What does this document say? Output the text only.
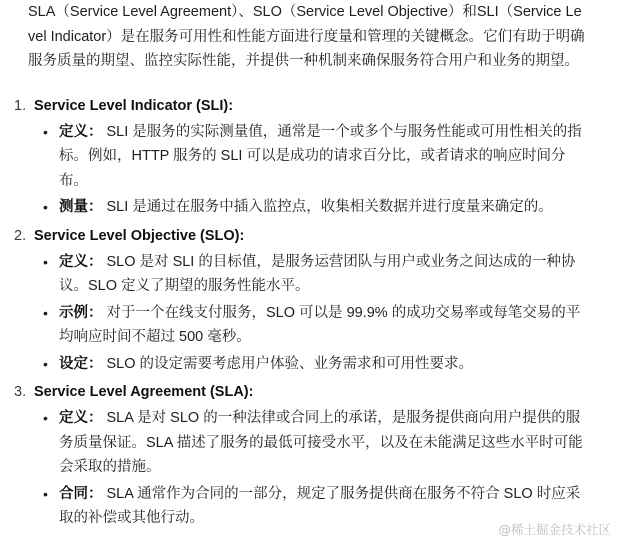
SLA（Service Level Agreement）、SLO（Service Level Objective）和SLI（Service Level Indicator）是在服务可用性和性能方面进行度量和管理的关键概念。它们有助于明确服务质量的期望、监控实际性能，并提供一种机制来确保服务符合用户和业务的期望。

1. Service Level Indicator (SLI):
• 定义： SLI 是服务的实际测量值，通常是一个或多个与服务性能或可用性相关的指标。例如，HTTP 服务的 SLI 可以是成功的请求百分比，或者请求的响应时间分布。
• 测量： SLI 是通过在服务中插入监控点，收集相关数据并进行度量来确定的。
2. Service Level Objective (SLO):
• 定义： SLO 是对 SLI 的目标值，是服务运营团队与用户或业务之间达成的一种协议。SLO 定义了期望的服务性能水平。
• 示例： 对于一个在线支付服务，SLO 可以是 99.9% 的成功交易率或每笔交易的平均响应时间不超过 500 毫秒。
• 设定： SLO 的设定需要考虑用户体验、业务需求和可用性要求。
3. Service Level Agreement (SLA):
• 定义： SLA 是对 SLO 的一种法律或合同上的承诺，是服务提供商向用户提供的服务质量保证。SLA 描述了服务的最低可接受水平，以及在未能满足这些水平时可能会采取的措施。
• 合同： SLA 通常作为合同的一部分，规定了服务提供商在服务不符合 SLO 时应采取的补偿或其他行动。
@稀土掘金技术社区
